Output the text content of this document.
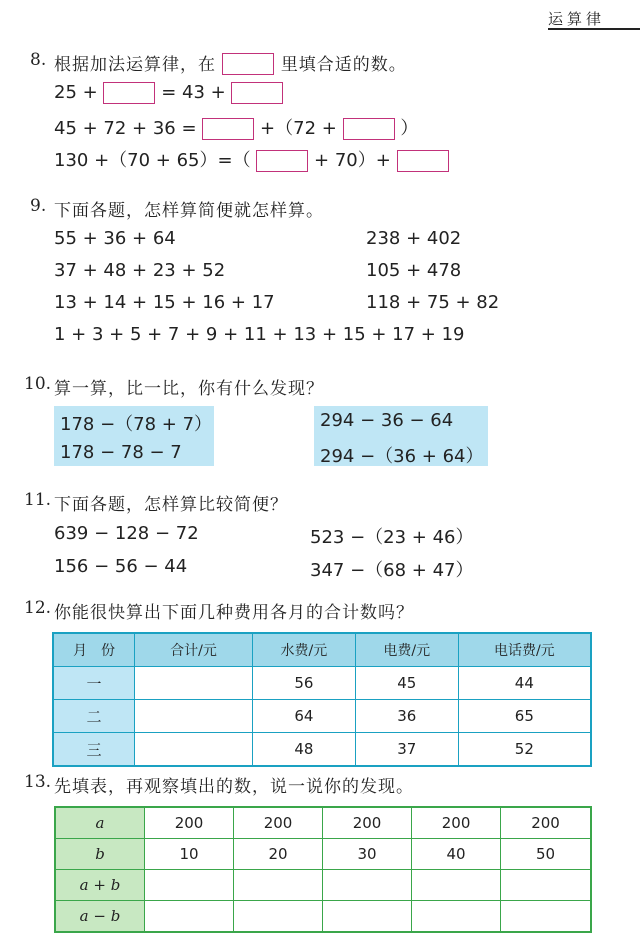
运算律
8. 根据加法运算律，在	里填合适的数。
25 +	= 43 +
45 + 72 + 36 =	+（72 +	）
130 +（70 + 65）=（	+ 70）+
9. 下面各题，怎样算简便就怎样算。
55 + 36 + 64
37 + 48 + 23 + 52
13 + 14 + 15 + 16 + 17
238 + 402
105 + 478
118 + 75 + 82
1 + 3 + 5 + 7 + 9 + 11 + 13 + 15 + 17 + 19
10. 算一算，比一比，你有什么发现？
178 −（78 + 7）
178 − 78 − 7
294 − 36 − 64
294 −（36 + 64）
11. 下面各题，怎样算比较简便？
639 − 128 − 72
156 − 56 − 44
523 −（23 + 46）
347 −（68 + 47）
12. 你能很快算出下面几种费用各月的合计数吗？
月　份	合计/元	水费/元	电费/元	电话费/元
一		56	45	44
二		64	36	65
三		48	37	52
13. 先填表，再观察填出的数，说一说你的发现。
a	200	200	200	200	200
b	10	20	30	40	50
a + b					
a − b					
